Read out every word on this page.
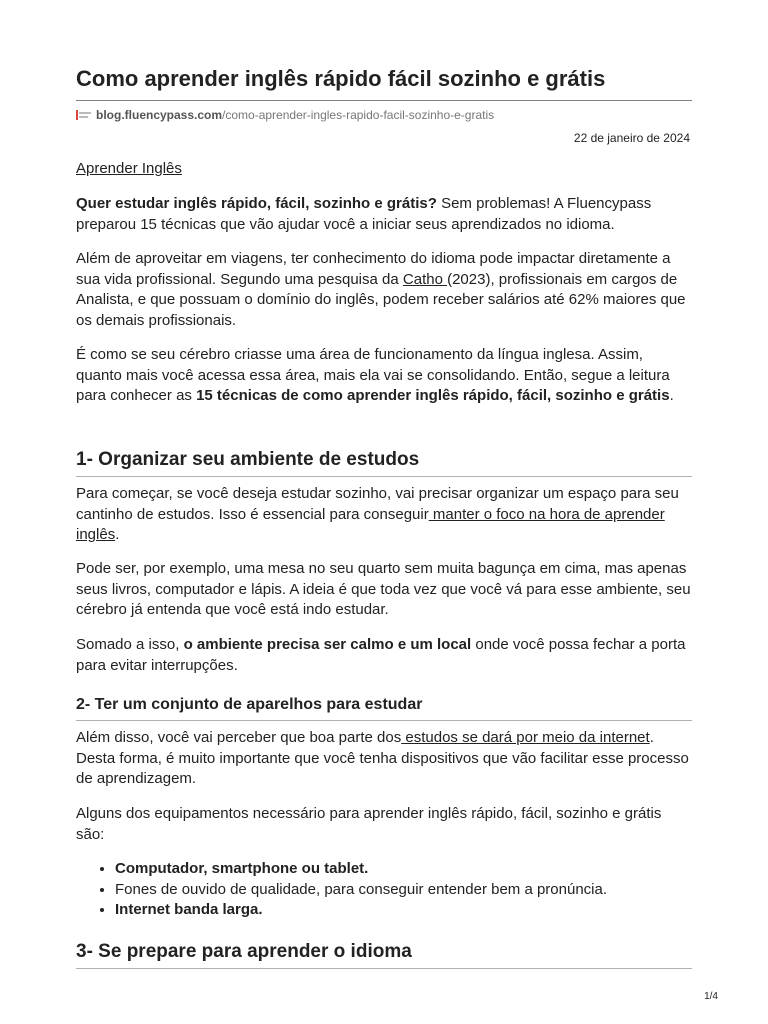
Como aprender inglês rápido fácil sozinho e grátis
blog.fluencypass.com/como-aprender-ingles-rapido-facil-sozinho-e-gratis
22 de janeiro de 2024
Aprender Inglês

Quer estudar inglês rápido, fácil, sozinho e grátis? Sem problemas! A Fluencypass preparou 15 técnicas que vão ajudar você a iniciar seus aprendizados no idioma.

Além de aproveitar em viagens, ter conhecimento do idioma pode impactar diretamente a sua vida profissional. Segundo uma pesquisa da Catho (2023), profissionais em cargos de Analista, e que possuam o domínio do inglês, podem receber salários até 62% maiores que os demais profissionais.

É como se seu cérebro criasse uma área de funcionamento da língua inglesa. Assim, quanto mais você acessa essa área, mais ela vai se consolidando. Então, segue a leitura para conhecer as 15 técnicas de como aprender inglês rápido, fácil, sozinho e grátis.

1- Organizar seu ambiente de estudos

Para começar, se você deseja estudar sozinho, vai precisar organizar um espaço para seu cantinho de estudos. Isso é essencial para conseguir manter o foco na hora de aprender inglês.

Pode ser, por exemplo, uma mesa no seu quarto sem muita bagunça em cima, mas apenas seus livros, computador e lápis. A ideia é que toda vez que você vá para esse ambiente, seu cérebro já entenda que você está indo estudar.

Somado a isso, o ambiente precisa ser calmo e um local onde você possa fechar a porta para evitar interrupções.

2- Ter um conjunto de aparelhos para estudar

Além disso, você vai perceber que boa parte dos estudos se dará por meio da internet. Desta forma, é muito importante que você tenha dispositivos que vão facilitar esse processo de aprendizagem.

Alguns dos equipamentos necessário para aprender inglês rápido, fácil, sozinho e grátis são:

• Computador, smartphone ou tablet.
• Fones de ouvido de qualidade, para conseguir entender bem a pronúncia.
• Internet banda larga.
3- Se prepare para aprender o idioma
1/4
